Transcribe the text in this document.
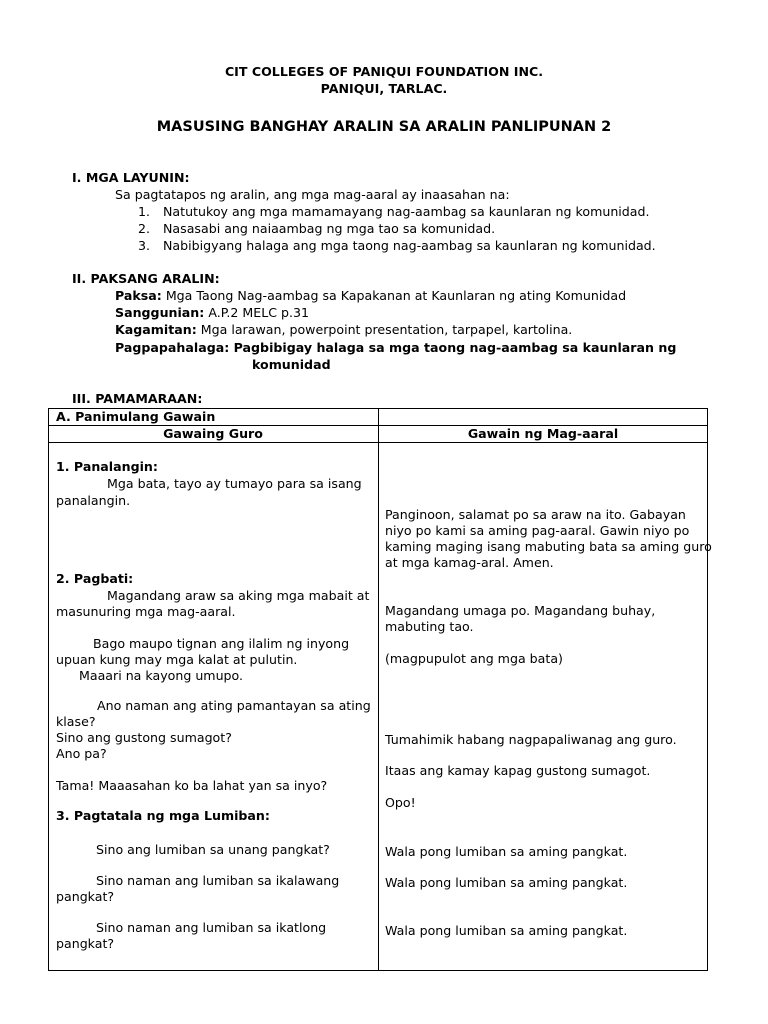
CIT COLLEGES OF PANIQUI FOUNDATION INC.
PANIQUI, TARLAC.
MASUSING BANGHAY ARALIN SA ARALIN PANLIPUNAN 2
I. MGA LAYUNIN:
Sa pagtatapos ng aralin, ang mga mag-aaral ay inaasahan na:
1. Natutukoy ang mga mamamayang nag-aambag sa kaunlaran ng komunidad.
2. Nasasabi ang naiaambag ng mga tao sa komunidad.
3. Nabibigyang halaga ang mga taong nag-aambag sa kaunlaran ng komunidad.
II. PAKSANG ARALIN:
Paksa: Mga Taong Nag-aambag sa Kapakanan at Kaunlaran ng ating Komunidad
Sanggunian: A.P.2 MELC p.31
Kagamitan: Mga larawan, powerpoint presentation, tarpapel, kartolina.
Pagpapahalaga: Pagbibigay halaga sa mga taong nag-aambag sa kaunlaran ng
komunidad
III. PAMAMARAAN:
A. Panimulang Gawain
Gawaing Guro	Gawain ng Mag-aaral
1. Panalangin:
Mga bata, tayo ay tumayo para sa isang
panalangin.
2. Pagbati:
Magandang araw sa aking mga mabait at
masunuring mga mag-aaral.
Bago maupo tignan ang ilalim ng inyong
upuan kung may mga kalat at pulutin.
Maaari na kayong umupo.
Ano naman ang ating pamantayan sa ating
klase?
Sino ang gustong sumagot?
Ano pa?
Tama! Maaasahan ko ba lahat yan sa inyo?
3. Pagtatala ng mga Lumiban:
Sino ang lumiban sa unang pangkat?
Sino naman ang lumiban sa ikalawang
pangkat?
Sino naman ang lumiban sa ikatlong
pangkat?
Panginoon, salamat po sa araw na ito. Gabayan
niyo po kami sa aming pag-aaral. Gawin niyo po
kaming maging isang mabuting bata sa aming guro
at mga kamag-aral. Amen.
Magandang umaga po. Magandang buhay,
mabuting tao.
(magpupulot ang mga bata)
Tumahimik habang nagpapaliwanag ang guro.
Itaas ang kamay kapag gustong sumagot.
Opo!
Wala pong lumiban sa aming pangkat.
Wala pong lumiban sa aming pangkat.
Wala pong lumiban sa aming pangkat.
